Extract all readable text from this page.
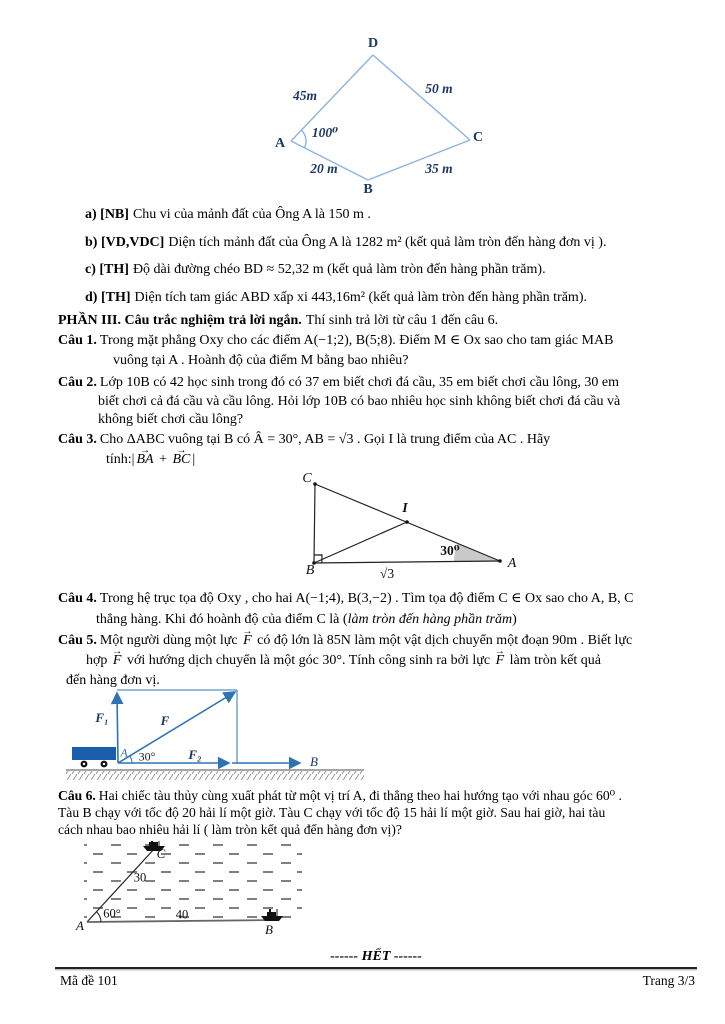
D
A	C
B
45m	50 m
100⁰
20 m	35 m
a) [NB] Chu vi của mảnh đất của Ông A là 150 m .
b) [VD,VDC] Diện tích mảnh đất của Ông A là 1282 m² (kết quả làm tròn đến hàng đơn vị ).
c) [TH] Độ dài đường chéo BD ≈ 52,32 m (kết quả làm tròn đến hàng phần trăm).
d) [TH] Diện tích tam giác ABD xấp xi 443,16m² (kết quả làm tròn đến hàng phần trăm).
PHẦN III. Câu trắc nghiệm trả lời ngắn. Thí sinh trả lời từ câu 1 đến câu 6.
Câu 1. Trong mặt phẳng Oxy cho các điểm A(−1;2), B(5;8). Điểm M ∈ Ox sao cho tam giác MAB
vuông tại A . Hoành độ của điểm M bằng bao nhiêu?
Câu 2. Lớp 10B có 42 học sinh trong đó có 37 em biết chơi đá cầu, 35 em biết chơi cầu lông, 30 em
biết chơi cả đá cầu và cầu lông. Hỏi lớp 10B có bao nhiêu học sinh không biết chơi đá cầu và
không biết chơi cầu lông?
Câu 3. Cho ΔABC vuông tại B có Â = 30°, AB = √3 . Gọi I là trung điểm của AC . Hãy
tính:| → BA + → BC |
C
B	A
I
30⁰
√3
Câu 4. Trong hệ trục tọa độ Oxy , cho hai A(−1;4), B(3,−2) . Tìm tọa độ điểm C ∈ Ox sao cho A, B, C
thẳng hàng. Khi đó hoành độ của điểm C là (làm tròn đến hàng phần trăm)
Câu 5. Một người dùng một lực → F có độ lớn là 85N làm một vật dịch chuyển một đoạn 90m . Biết lực
hợp → F với hướng dịch chuyển là một góc 30°. Tính công sinh ra bởi lực → F làm tròn kết quả
đến hàng đơn vị.
F₁	F
F₂
30°
A
B
Câu 6. Hai chiếc tàu thủy cùng xuất phát từ một vị trí A, đi thẳng theo hai hướng tạo với nhau góc 60⁰ .
Tàu B chạy với tốc độ 20 hải lí một giờ. Tàu C chạy với tốc độ 15 hải lí một giờ. Sau hai giờ, hai tàu
cách nhau bao nhiêu hải lí ( làm tròn kết quả đến hàng đơn vị)?
A
C
B
30
40
60°
------ HẾT ------
Mã đề 101	Trang 3/3
